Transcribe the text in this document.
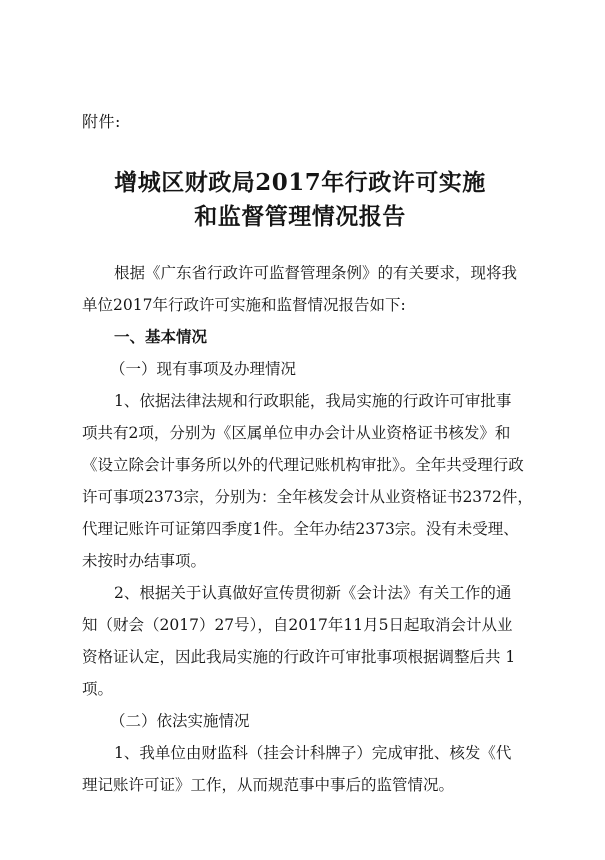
附件:
增城区财政局2017年行政许可实施
和监督管理情况报告
根据《广东省行政许可监督管理条例》的有关要求，现将我
单位2017年行政许可实施和监督情况报告如下:
一、基本情况
（一）现有事项及办理情况
1、依据法律法规和行政职能，我局实施的行政许可审批事
项共有2项，分别为《区属单位申办会计从业资格证书核发》和
《设立除会计事务所以外的代理记账机构审批》。全年共受理行政
许可事项2373宗，分别为：全年核发会计从业资格证书2372件，
代理记账许可证第四季度1件。全年办结2373宗。没有未受理、
未按时办结事项。
2、根据关于认真做好宣传贯彻新《会计法》有关工作的通
知（财会（2017）27号），自2017年11月5日起取消会计从业
资格证认定，因此我局实施的行政许可审批事项根据调整后共 1
项。
（二）依法实施情况
1、我单位由财监科（挂会计科牌子）完成审批、核发《代
理记账许可证》工作，从而规范事中事后的监管情况。
